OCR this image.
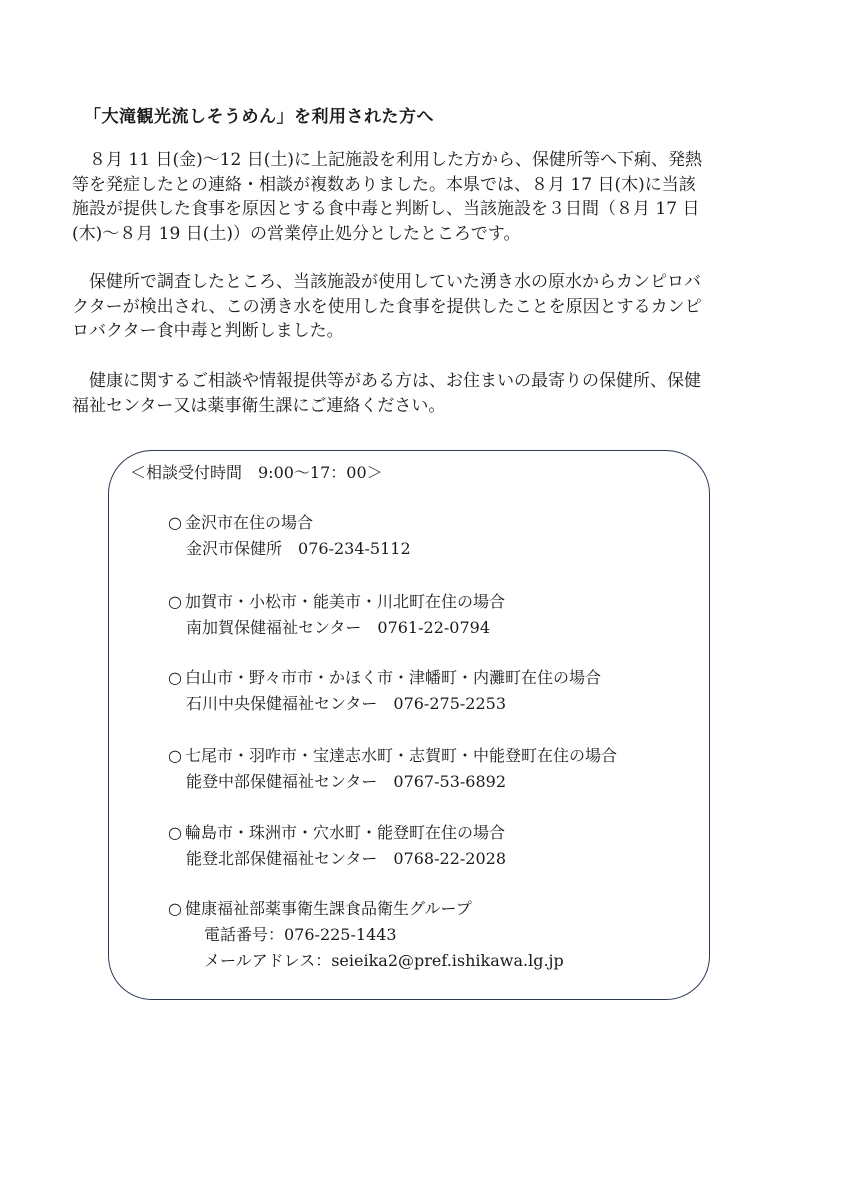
「大滝観光流しそうめん」を利用された方へ
８月 11 日(金)～12 日(土)に上記施設を利用した方から、保健所等へ下痢、発熱
等を発症したとの連絡・相談が複数ありました。本県では、８月 17 日(木)に当該
施設が提供した食事を原因とする食中毒と判断し、当該施設を３日間（８月 17 日
(木)～８月 19 日(土)）の営業停止処分としたところです。
保健所で調査したところ、当該施設が使用していた湧き水の原水からカンピロバ
クターが検出され、この湧き水を使用した食事を提供したことを原因とするカンピ
ロバクター食中毒と判断しました。
健康に関するご相談や情報提供等がある方は、お住まいの最寄りの保健所、保健
福祉センター又は薬事衛生課にご連絡ください。
＜相談受付時間　9:00～17：00＞
○ 金沢市在住の場合
金沢市保健所　 076-234-5112
○ 加賀市・小松市・能美市・川北町在住の場合
南加賀保健福祉センター　 0761-22-0794
○ 白山市・野々市市・かほく市・津幡町・内灘町在住の場合
石川中央保健福祉センター　 076-275-2253
○ 七尾市・羽咋市・宝達志水町・志賀町・中能登町在住の場合
能登中部保健福祉センター　 0767-53-6892
○ 輪島市・珠洲市・穴水町・能登町在住の場合
能登北部保健福祉センター　 0768-22-2028
○ 健康福祉部薬事衛生課食品衛生グループ
電話番号：076-225-1443
メールアドレス：seieika2@pref.ishikawa.lg.jp
